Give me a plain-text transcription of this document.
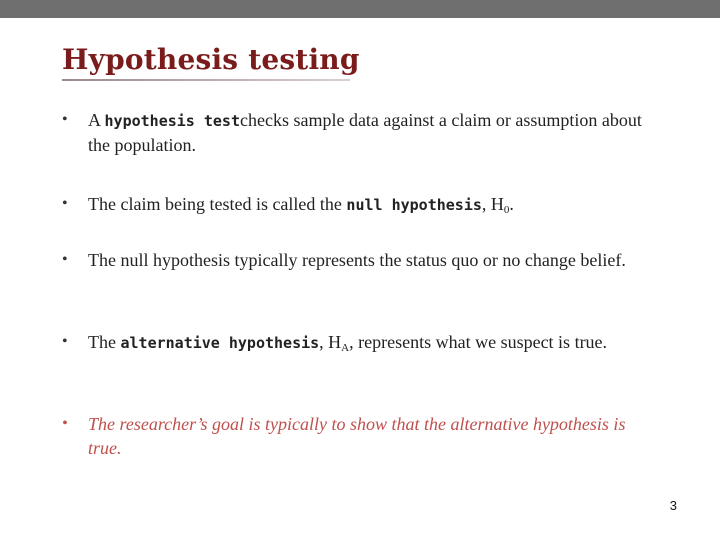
Hypothesis testing
•	A hypothesis testchecks sample data against a claim or assumption about the population.
•	The claim being tested is called the null hypothesis, $H_0$.
•	The null hypothesis typically represents the status quo or no change belief.
•	The alternative hypothesis, $H_A$, represents what we suspect is true.
•	The researcher’s goal is typically to show that the alternative hypothesis is true.
3
